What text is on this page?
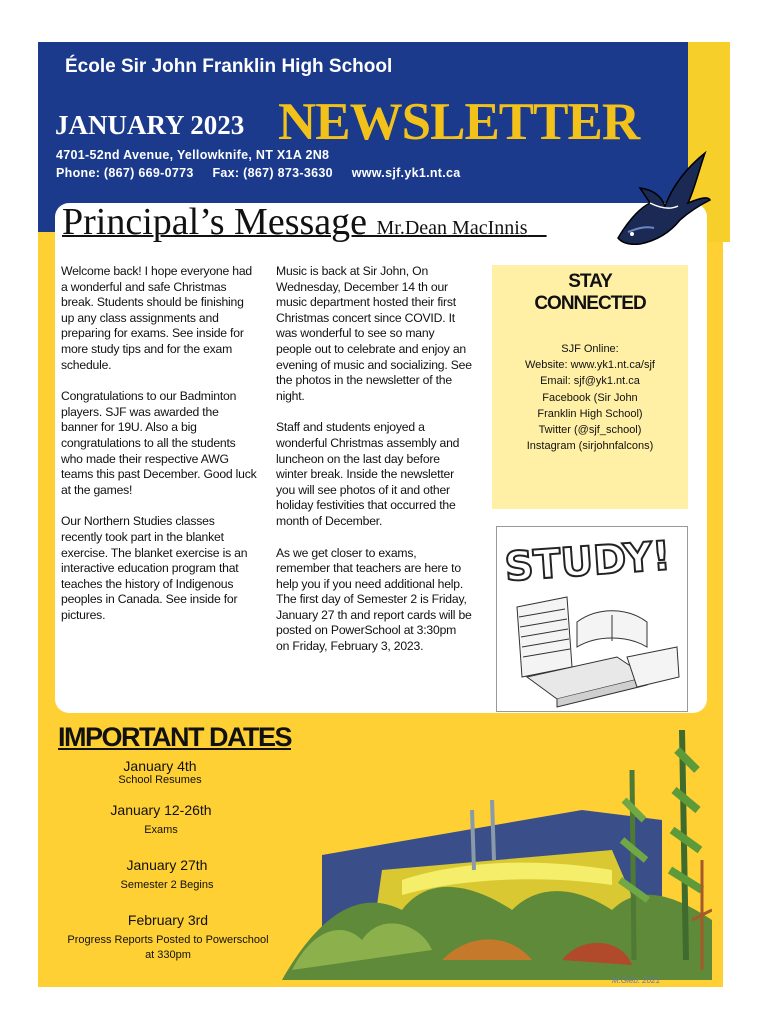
École Sir John Franklin High School
JANUARY 2023 NEWSLETTER
4701-52nd Avenue, Yellowknife, NT X1A 2N8
Phone: (867) 669-0773     Fax: (867) 873-3630     www.sjf.yk1.nt.ca
Principal’s Message Mr.Dean MacInnis

Welcome back! I hope everyone had a wonderful and safe Christmas break. Students should be finishing up any class assignments and preparing for exams. See inside for more study tips and for the exam schedule.

Congratulations to our Badminton players. SJF was awarded the banner for 19U. Also a big congratulations to all the students who made their respective AWG teams this past December. Good luck at the games!

Our Northern Studies classes recently took part in the blanket exercise. The blanket exercise is an interactive education program that teaches the history of Indigenous peoples in Canada. See inside for pictures.

Music is back at Sir John, On Wednesday, December 14 th our music department hosted their first Christmas concert since COVID. It was wonderful to see so many people out to celebrate and enjoy an evening of music and socializing. See the photos in the newsletter of the night.

Staff and students enjoyed a wonderful Christmas assembly and luncheon on the last day before winter break. Inside the newsletter you will see photos of it and other holiday festivities that occurred the month of December.

As we get closer to exams, remember that teachers are here to help you if you need additional help. The first day of Semester 2 is Friday, January 27 th and report cards will be posted on PowerSchool at 3:30pm on Friday, February 3, 2023.

STAY
CONNECTED
SJF Online:
Website: www.yk1.nt.ca/sjf
Email: sjf@yk1.nt.ca
Facebook (Sir John
Franklin High School)
Twitter (@sjf_school)
Instagram (sirjohnfalcons)
STUDY!
IMPORTANT DATES
January 4th
School Resumes
January 12-26th
Exams
January 27th
Semester 2 Begins
February 3rd
Progress Reports Posted to Powerschool
at 330pm
M.Gleb. 2021
